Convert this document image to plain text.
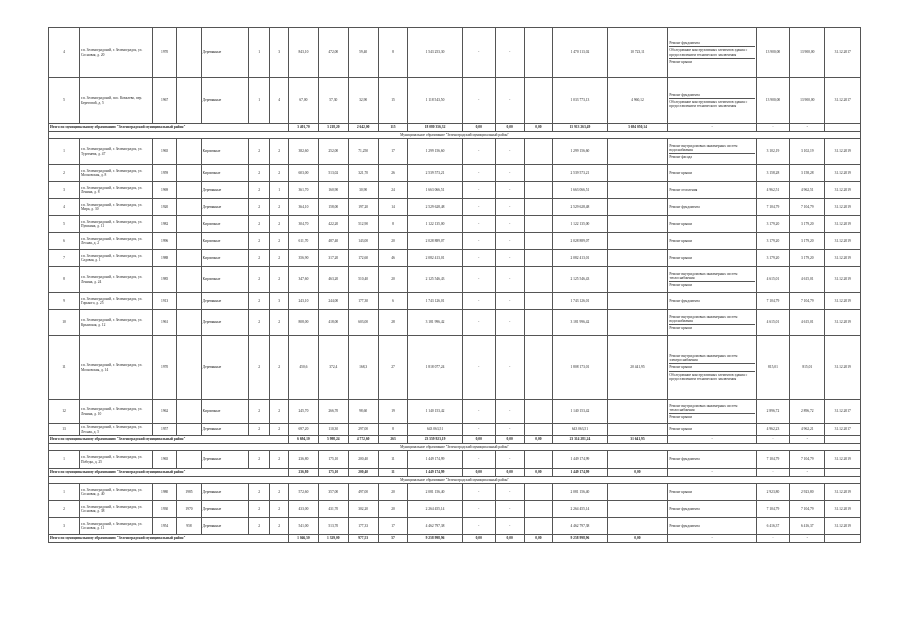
4	г.п. Зеленоградский, г. Зеленоградск, ул. Сосновая, д. 20	1970		Деревянные	1	3	843,10	472,00	59,40	8	1 543 253,30	-	-		1 470 113,02	10 723,11	Ремонт фундамента
Обследование конструктивных элементов здания с предоставлением технического заключения
Ремонт крыши	13 900,00	13 900,00	31.12.2017
5	г.п. Зеленоградский, пос. Ковалево, пер. Береговой, д. 5	1967		Деревянные	1	4	67,00	57,30	32,90	15	1 118 543,50	-	-		1 033 773,13	4 960,12	Ремонт фундамента
Обследование конструктивных элементов здания с предоставлением технического заключения	13 900,00	13 900,00	31.12.2017
Итого по муниципальному образованию "Зеленоградский муниципальный район"							3 401,70	3 218,20	2 642,00	115	18 080 356,32	0,00	0,00	0,00	15 913 263,49	3 694 050,14	-	-	-	
Муниципальное образование "Зеленоградский муниципальный район"																				
1	г.п. Зеленоградский, г. Зеленоградск, ул. Тургенева, д. 47	1965		Кирпичные	2	2	382,60	252,00	71,250	17	1 299 156,60	-	-		1 299 156,60		Ремонт внутридомовых инженерных систем водоснабжения
Ремонт фасада	3 102,19	3 102,19	31.12.2019
2	г.п. Зеленоградский, г. Зеленоградск, ул. Московская, д. 8	1959		Кирпичные	2	2	603,00	513,02	321,70	26	2 539 573,21	-	-		2 539 573,21		Ремонт крыши	3 158,28	3 158,28	31.12.2019
3	г.п. Зеленоградский, г. Зеленоградск, ул. Ленина, д. 8	1969		Деревянные	2	1	361,70	160,90	30,90	24	1 663 066,51	-	-		1 663 066,51		Ремонт отопления	4 962,51	4 962,51	31.12.2019
4	г.п. Зеленоградский, г. Зеленоградск, ул. Мира, д. 30	1920		Деревянные	2	2	364,10	158,00	197,20	14	2 529 628,48	-	-		2 529 628,48		Ремонт фундамента	7 104,79	7 104,79	31.12.2019
5	г.п. Зеленоградский, г. Зеленоградск, ул. Пушкина, д. 11	1982		Кирпичные	2	2	304,70	422,20	512,90	8	1 122 135,00	-	-		1 122 135,00		Ремонт крыши	3 179,20	3 179,20	31.12.2019
6	г.п. Зеленоградский, г. Зеленоградск, ул. Лесная, д. 2	1996		Кирпичные	2	2	611,70	487,40	143,00	20	2 028 889,07	-	-		2 028 889,07		Ремонт крыши	3 179,20	3 179,20	31.12.2019
7	г.п. Зеленоградский, г. Зеленоградск, ул. Садовая, д. 1	1988		Кирпичные	2	2	356,90	317,20	172,60	46	2 082 413,01	-	-		2 082 413,01		Ремонт крыши	3 179,20	3 179,20	31.12.2019
8	г.п. Зеленоградский, г. Зеленоградск, ул. Ленина, д. 24	1985		Кирпичные	2	2	347,60	463,20	510,40	20	2 125 546,43	-	-		2 125 546,43		Ремонт внутридомовых инженерных систем теплоснабжения
Ремонт крыши	4 615,01	4 615,01	31.12.2019
9	г.п. Зеленоградский, г. Зеленоградск, ул. Горького, д. 25	1913		Деревянные	2	3	243,10	244,00	177,30	6	1 743 126,01	-	-		1 743 126,01		Ремонт фундамента	7 104,79	7 104,79	31.12.2019
10	г.п. Зеленоградский, г. Зеленоградск, ул. Крымская, д. 12	1961		Деревянные	2	2	808,00	418,00	603,00	28	3 181 996,42	-	-		3 181 996,42		Ремонт внутридомовых инженерных систем водоснабжения
Ремонт крыши	4 615,01	4 615,01	31.12.2019
11	г.п. Зеленоградский, г. Зеленоградск, ул. Московская, д. 14	1970		Деревянные	2	2	450,6	372,4	168,3	27	1 818 077,24	-	-		1 808 173,01	20 441,95	Ремонт внутридомовых инженерных систем электроснабжения
Ремонт крыши
Обследование конструктивных элементов здания с предоставлением технического заключения	815,01	815,01	31.12.2019
12	г.п. Зеленоградский, г. Зеленоградск, ул. Ленина, д. 10	1962		Кирпичные	2	2	245,70	266,70	98,60	19	1 140 153,42	-	-		1 140 153,42		Ремонт внутридомовых инженерных систем теплоснабжения
Ремонт крыши	2 896,72	2 896,72	31.12.2017
13	г.п. Зеленоградский, г. Зеленоградск, ул. Лесная, д. 5	1957		Деревянные	2	2	697,20	110,30	297,00	8	643 063,51	-	-		643 063,51		Ремонт крыши	4 962,23	4 962,21	31.12.2017
Итого по муниципальному образованию "Зеленоградский муниципальный район"							6 694,10	5 998,24	4 772,60	263	23 559 923,19	0,00	0,00	0,00	23 314 281,24	31 641,95	-	-	-	
Муниципальное образование "Зеленоградский муниципальный район"																				
1	г.п. Зеленоградский, г. Зеленоградск, ул. Победы, д. 25	1965		Деревянные	2	2	236,80	175,10	200,40	11	1 449 174,99	-	-		1 449 174,99		Ремонт фундамента	7 104,79	7 104,79	31.12.2019
Итого по муниципальному образованию "Зеленоградский муниципальный район"							236,80	175,10	200,40	11	1 449 174,99	0,00	0,00	0,00	1 449 174,99	0,00	-	-	-	
Муниципальное образование "Зеленоградский муниципальный район"																				
1	г.п. Зеленоградский, г. Зеленоградск, ул. Сосновая, д. 40	1980	1985	Деревянные	2	2	572,60	357,00	497,00	20	2 081 156,40	-	-		2 081 156,40		Ремонт крыши	2 923,80	2 923,80	31.12.2019
2	г.п. Зеленоградский, г. Зеленоградск, ул. Сосновая, д. 38	1930	1970	Деревянные	2	2	433,00	431,70	302,20	20	2 264 455,14	-	-		2 264 455,14		Ремонт фундамента	7 104,79	7 104,79	31.12.2019
3	г.п. Зеленоградский, г. Зеленоградск, ул. Сосновая, д. 11	1954	958	Деревянные	2	2	541,00	513,70	177,33	17	4 462 797,38	-	-		4 462 797,38		Ремонт фундамента	6 416,37	6 416,37	31.12.2019
Итого по муниципальному образованию "Зеленоградский муниципальный район"							1 046,50	1 329,00	977,53	57	9 258 998,96	0,00	0,00	0,00	9 258 998,96	0,00	-	-	-	
